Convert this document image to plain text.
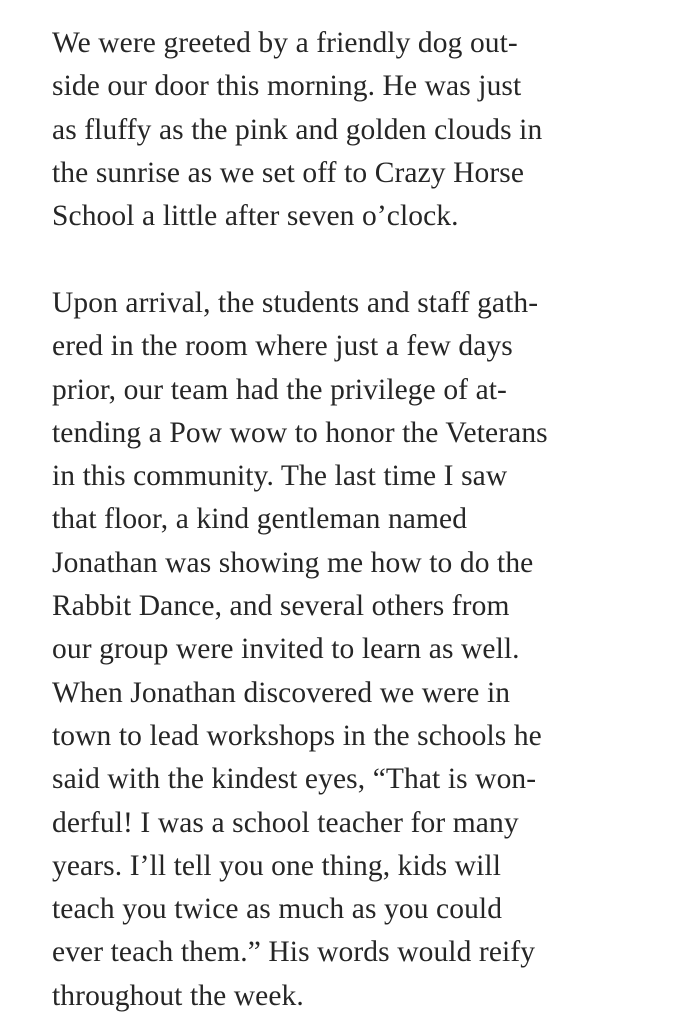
We were greeted by a friendly dog out-
side our door this morning. He was just
as fluffy as the pink and golden clouds in
the sunrise as we set off to Crazy Horse
School a little after seven o’clock.
Upon arrival, the students and staff gath-
ered in the room where just a few days
prior, our team had the privilege of at-
tending a Pow wow to honor the Veterans
in this community. The last time I saw
that floor, a kind gentleman named
Jonathan was showing me how to do the
Rabbit Dance, and several others from
our group were invited to learn as well.
When Jonathan discovered we were in
town to lead workshops in the schools he
said with the kindest eyes, “That is won-
derful! I was a school teacher for many
years. I’ll tell you one thing, kids will
teach you twice as much as you could
ever teach them.” His words would reify
throughout the week.
